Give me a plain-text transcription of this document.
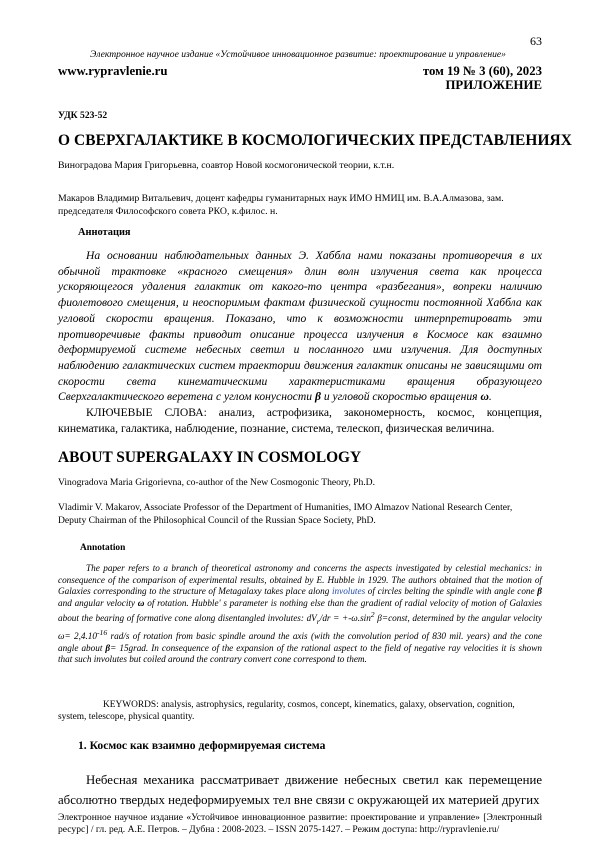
63
Электронное научное издание «Устойчивое инновационное развитие: проектирование и управление»
www.rypravlenie.ru	том 19 № 3 (60), 2023
ПРИЛОЖЕНИЕ
УДК 523-52
О СВЕРХГАЛАКТИКЕ В КОСМОЛОГИЧЕСКИХ ПРЕДСТАВЛЕНИЯХ
Виноградова Мария Григорьевна, соавтор Новой космогонической теории, к.т.н.
Макаров Владимир Витальевич, доцент кафедры гуманитарных наук ИМО НМИЦ им. В.А.Алмазова, зам. председателя Философского совета РКО, к.филос. н.
Аннотация
На основании наблюдательных данных Э. Хаббла нами показаны противоречия в их обычной трактовке «красного смещения» длин волн излучения света как процесса ускоряющегося удаления галактик от какого-то центра «разбегания», вопреки наличию фиолетового смещения, и неоспоримым фактам физической сущности постоянной Хаббла как угловой скорости вращения. Показано, что к возможности интерпретировать эти противоречивые факты приводит описание процесса излучения в Космосе как взаимно деформируемой системе небесных светил и посланного ими излучения. Для доступных наблюдению галактических систем траектории движения галактик описаны не зависящими от скорости света кинематическими характеристиками вращения образующего Сверхгалактического веретена с углом конусности β и угловой скоростью вращения ω.
КЛЮЧЕВЫЕ СЛОВА: анализ, астрофизика, закономерность, космос, концепция, кинематика, галактика, наблюдение, познание, система, телескоп, физическая величина.
ABOUT SUPERGALAXY IN COSMOLOGY
Vinogradova Maria Grigorievna, co-author of the New Cosmogonic Theory, Ph.D.
Vladimir V. Makarov, Associate Professor of the Department of Humanities, IMO Almazov National Research Center, Deputy Chairman of the Philosophical Council of the Russian Space Society, PhD.
Annotation
The paper refers to a branch of theoretical astronomy and concerns the aspects investigated by celestial mechanics: in consequence of the comparison of experimental results, obtained by E. Hubble in 1929. The authors obtained that the motion of Galaxies corresponding to the structure of Metagalaxy takes place along involutes of circles belting the spindle with angle cone β and angular velocity ω of rotation. Hubble' s parameter is nothing else than the gradient of radial velocity of motion of Galaxies about the bearing of formative cone along disentangled involutes: $dV_r/dr = +-\omega.\sin^2$ β=const, determined by the angular velocity $\omega= 2,4.10^{-16}$ rad/s of rotation from basic spindle around the axis (with the convolution period of 830 mil. years) and the cone angle about β= 15grad. In consequence of the expansion of the rational aspect to the field of negative ray velocities it is shown that such involutes but coiled around the contrary convert cone correspond to them.
KEYWORDS: analysis, astrophysics, regularity, cosmos, concept, kinematics, galaxy, observation, cognition, system, telescope, physical quantity.
1. Космос как взаимно деформируемая система
Небесная механика рассматривает движение небесных светил как перемещение абсолютно твердых недеформируемых тел вне связи с окружающей их материей других
Электронное научное издание «Устойчивое инновационное развитие: проектирование и управление» [Электронный ресурс] / гл. ред. А.Е. Петров. – Дубна : 2008-2023. – ISSN 2075-1427. – Режим доступа: http://rypravlenie.ru/
